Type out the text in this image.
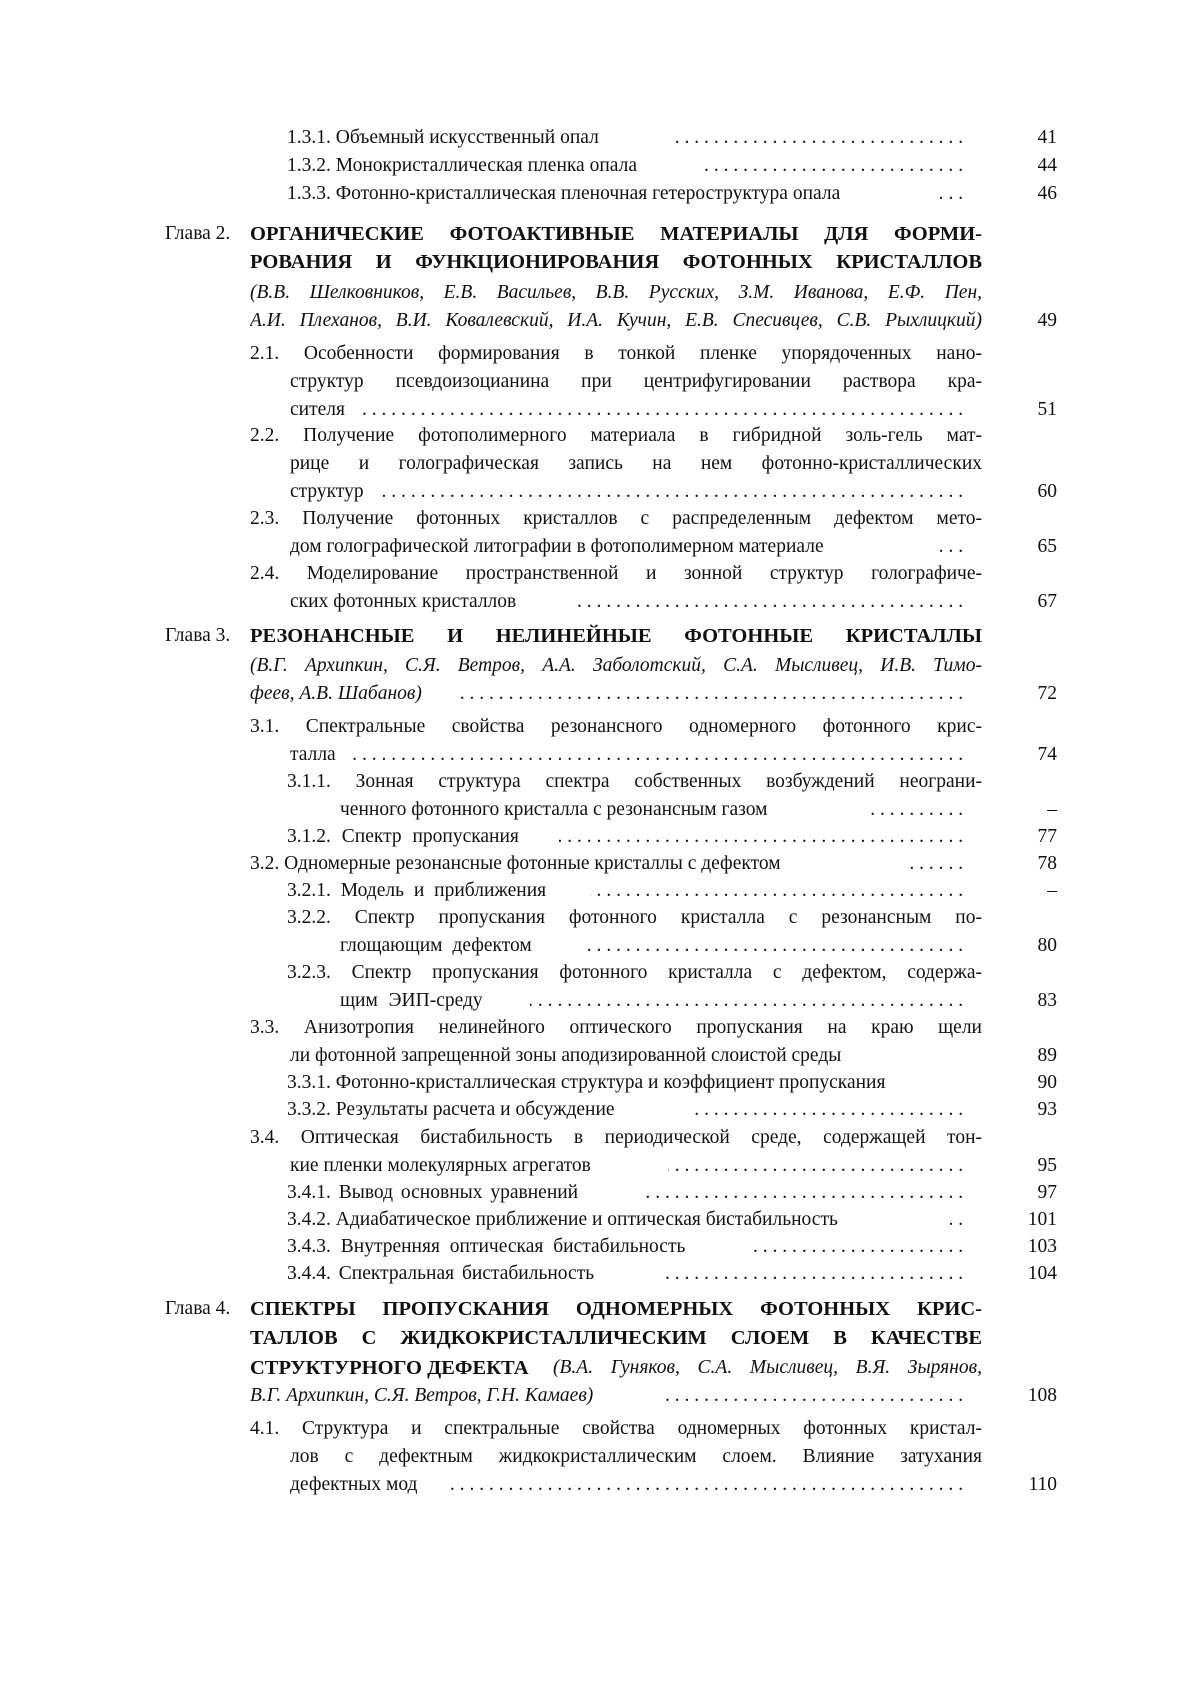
1.3.1. Объемный искусственный опал	..............................	41
1.3.2. Монокристаллическая пленка опала	...........................	44
1.3.3. Фотонно-кристаллическая пленочная гетероструктура опала	..	46
Глава 2. ОРГАНИЧЕСКИЕ ФОТОАКТИВНЫЕ МАТЕРИАЛЫ ДЛЯ ФОРМИ-
РОВАНИЯ И ФУНКЦИОНИРОВАНИЯ ФОТОННЫХ КРИСТАЛЛОВ
(В.В. Шелковников, Е.В. Васильев, В.В. Русских, З.М. Иванова, Е.Ф. Пен,
А.И. Плеханов, В.И. Ковалевский, И.А. Кучин, Е.В. Спесивцев, С.В. Рыхлицкий)	49
2.1. Особенности формирования в тонкой пленке упорядоченных нано-
структур псевдоизоцианина при центрифугировании раствора кра-
сителя	..............................................................	51
2.2. Получение фотополимерного материала в гибридной золь-гель мат-
рице и голографическая запись на нем фотонно-кристаллических
структур	............................................................	60
2.3. Получение фотонных кристаллов с распределенным дефектом мето-
дом голографической литографии в фотополимерном материале	...	65
2.4. Моделирование пространственной и зонной структур голографиче-
ских фотонных кристаллов	........................................	67
Глава 3. РЕЗОНАНСНЫЕ И НЕЛИНЕЙНЫЕ ФОТОННЫЕ КРИСТАЛЛЫ
(В.Г. Архипкин, С.Я. Ветров, А.А. Заболотский, С.А. Мысливец, И.В. Тимо-
феев, А.В. Шабанов)	....................................................	72
3.1. Спектральные свойства резонансного одномерного фотонного крис-
талла	...............................................................	74
3.1.1. Зонная структура спектра собственных возбуждений неограни-
ченного фотонного кристалла с резонансным газом	..........	–
3.1.2. Спектр пропускания	..........................................	77
3.2. Одномерные резонансные фотонные кристаллы с дефектом	......	78
3.2.1. Модель и приближения	......................................	–
3.2.2. Спектр пропускания фотонного кристалла с резонансным по-
глощающим дефектом	.......................................	80
3.2.3. Спектр пропускания фотонного кристалла с дефектом, содержа-
щим ЭИП-среду	............................................	83
3.3. Анизотропия нелинейного оптического пропускания на краю щели
ли фотонной запрещенной зоны аподизированной слоистой среды	89
3.3.1. Фотонно-кристаллическая структура и коэффициент пропускания	90
3.3.2. Результаты расчета и обсуждение	............................	93
3.4. Оптическая бистабильность в периодической среде, содержащей тон-
кие пленки молекулярных агрегатов	..............................	95
3.4.1. Вывод основных уравнений	.................................	97
3.4.2. Адиабатическое приближение и оптическая бистабильность	..	101
3.4.3. Внутренняя оптическая бистабильность	......................	103
3.4.4. Спектральная бистабильность	...............................	104
Глава 4. СПЕКТРЫ ПРОПУСКАНИЯ ОДНОМЕРНЫХ ФОТОННЫХ КРИС-
ТАЛЛОВ С ЖИДКОКРИСТАЛЛИЧЕСКИМ СЛОЕМ В КАЧЕСТВЕ
СТРУКТУРНОГО ДЕФЕКТА (В.А. Гуняков, С.А. Мысливец, В.Я. Зырянов,
В.Г. Архипкин, С.Я. Ветров, Г.Н. Камаев)	..............................	108
4.1. Структура и спектральные свойства одномерных фотонных кристал-
лов с дефектным жидкокристаллическим слоем. Влияние затухания
дефектных мод	.....................................................	110
